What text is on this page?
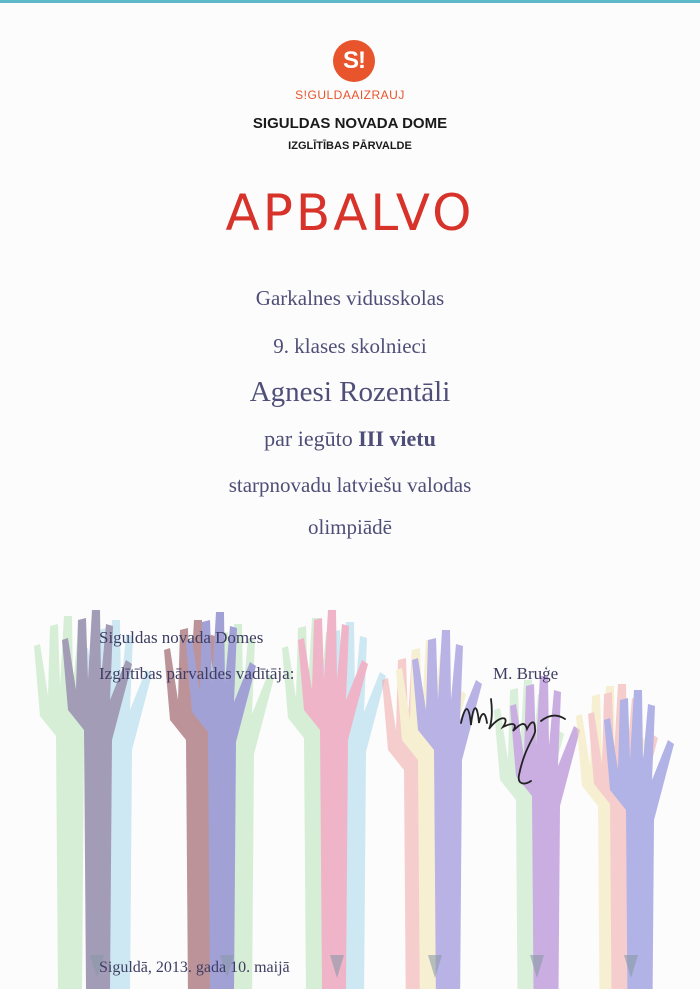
S!
S!GULDAAIZRAUJ
SIGULDAS NOVADA DOME
IZGLĪTĪBAS PĀRVALDE
APBALVO
Garkalnes vidusskolas
9. klases skolnieci
Agnesi Rozentāli
par iegūto III vietu
starpnovadu latviešu valodas
olimpiādē
Siguldas novada Domes
Izglītības pārvaldes vadītāja:	M. Bruģe
Siguldā, 2013. gada 10. maijā
